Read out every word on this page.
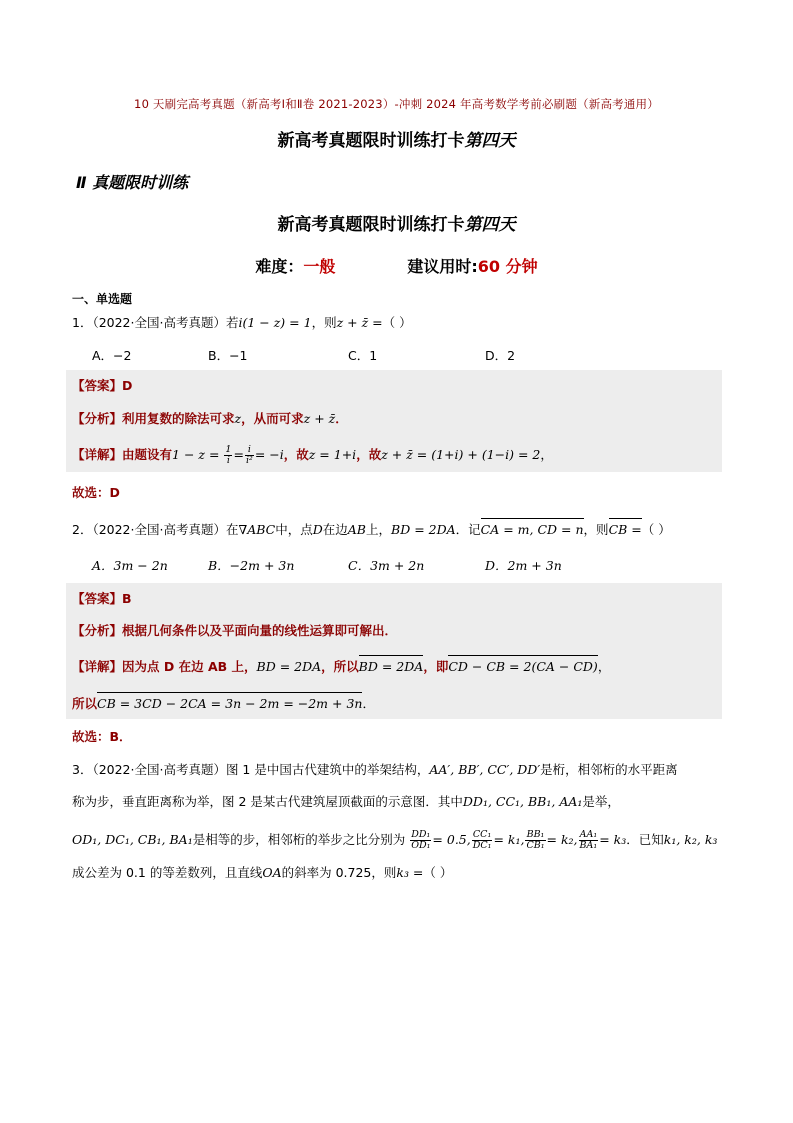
10 天刷完高考真题（新高考Ⅰ和Ⅱ卷 2021-2023）-冲刺 2024 年高考数学考前必刷题（新高考通用）
新高考真题限时训练打卡第四天
Ⅱ 真题限时训练
新高考真题限时训练打卡第四天
难度：一般	建议用时:60 分钟
一、单选题
1．（2022·全国·高考真题）若i(1 − z) = 1，则z + z̄ =（ ）
A．−2	B．−1	C．1	D．2
【答案】D
【分析】利用复数的除法可求z，从而可求z + z̄．
【详解】由题设有$1 - z = \frac{1}{i} = \frac{i}{\text{i²}} = -i$，故z = 1+i，故z + z̄ = (1+i) + (1−i) = 2，
故选：D
2．（2022·全国·高考真题）在∇ABC中，点D在边AB上，BD = 2DA．记CA = m, CD = n，则CB =（ ）
A．3m − 2n	B．−2m + 3n	C．3m + 2n	D．2m + 3n
【答案】B
【分析】根据几何条件以及平面向量的线性运算即可解出．
【详解】因为点 D 在边 AB 上，BD = 2DA，所以BD = 2DA，即CD − CB = 2(CA − CD)，
所以CB = 3CD − 2CA = 3n − 2m = −2m + 3n．
故选：B．
3．（2022·全国·高考真题）图 1 是中国古代建筑中的举架结构，AA′, BB′, CC′, DD′是桁，相邻桁的水平距离
称为步，垂直距离称为举，图 2 是某古代建筑屋顶截面的示意图．其中DD₁, CC₁, BB₁, AA₁是举，
OD₁, DC₁, CB₁, BA₁是相等的步，相邻桁的举步之比分别为 $\frac{\text{DD₁}}{\text{OD₁}} = 0.5$, $\frac{\text{CC₁}}{\text{DC₁}} = k_1$, $\frac{\text{BB₁}}{\text{CB₁}} = k_2$, $\frac{\text{AA₁}}{\text{BA₁}} = k_3$．已知k₁, k₂, k₃
成公差为 0.1 的等差数列，且直线OA的斜率为 0.725，则k₃ =（ ）
